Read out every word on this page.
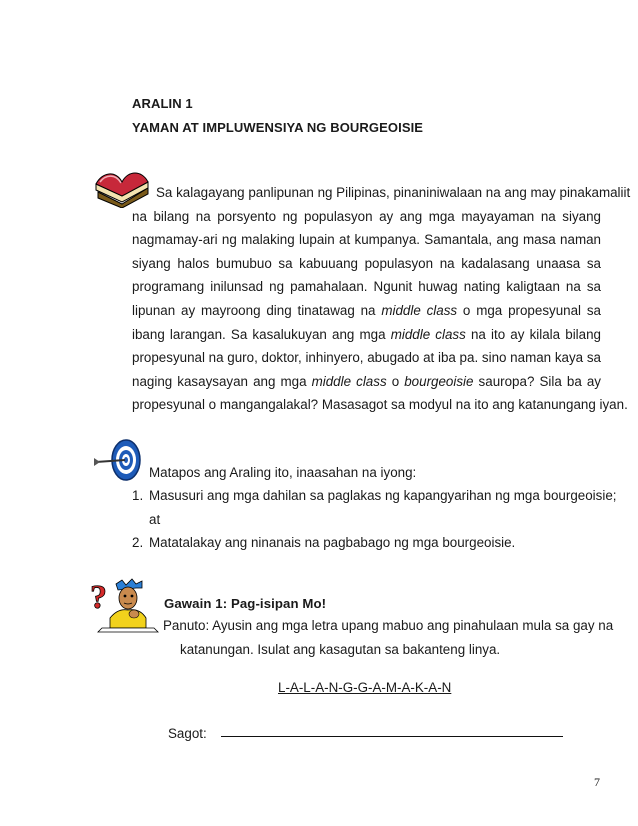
ARALIN 1
YAMAN AT IMPLUWENSIYA NG BOURGEOISIE
Sa kalagayang panlipunan ng Pilipinas, pinaniniwalaan na ang may pinakamaliit
na bilang na porsyento ng populasyon ay ang mga mayayaman na siyang
nagmamay-ari ng malaking lupain at kumpanya. Samantala, ang masa naman
siyang halos bumubuo sa kabuuang populasyon na kadalasang unaasa sa
programang inilunsad ng pamahalaan. Ngunit huwag nating kaligtaan na sa
lipunan ay mayroong ding tinatawag na middle class o mga propesyunal sa
ibang larangan. Sa kasalukuyan ang mga middle class na ito ay kilala bilang
propesyunal na guro, doktor, inhinyero, abugado at iba pa. sino naman kaya sa
naging kasaysayan ang mga middle class o bourgeoisie sauropa? Sila ba ay
propesyunal o mangangalakal? Masasagot sa modyul na ito ang katanungang iyan.
Matapos ang Araling ito, inaasahan na iyong:
1. Masusuri ang mga dahilan sa paglakas ng kapangyarihan ng mga bourgeoisie;
at
2. Matatalakay ang ninanais na pagbabago ng mga bourgeoisie.
?	Gawain 1: Pag-isipan Mo!
Panuto: Ayusin ang mga letra upang mabuo ang pinahulaan mula sa gay na
katanungan. Isulat ang kasagutan sa bakanteng linya.
L-A-L-A-N-G-G-A-M-A-K-A-N
Sagot:
7
